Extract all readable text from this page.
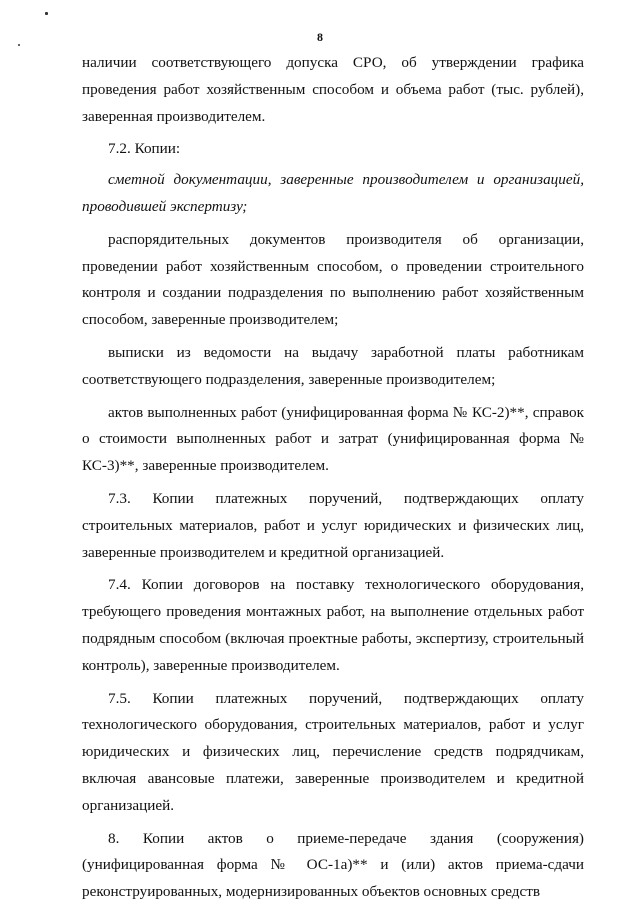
8

наличии соответствующего допуска СРО, об утверждении графика проведения работ хозяйственным способом и объема работ (тыс. рублей), заверенная производителем.

7.2. Копии:

сметной документации, заверенные производителем и организацией, проводившей экспертизу;

распорядительных документов производителя об организации, проведении работ хозяйственным способом, о проведении строительного контроля и создании подразделения по выполнению работ хозяйственным способом, заверенные производителем;

выписки из ведомости на выдачу заработной платы работникам соответствующего подразделения, заверенные производителем;

актов выполненных работ (унифицированная форма № КС-2)**, справок о стоимости выполненных работ и затрат (унифицированная форма № КС-3)**, заверенные производителем.

7.3. Копии платежных поручений, подтверждающих оплату строительных материалов, работ и услуг юридических и физических лиц, заверенные производителем и кредитной организацией.

7.4. Копии договоров на поставку технологического оборудования, требующего проведения монтажных работ, на выполнение отдельных работ подрядным способом (включая проектные работы, экспертизу, строительный контроль), заверенные производителем.

7.5. Копии платежных поручений, подтверждающих оплату технологического оборудования, строительных материалов, работ и услуг юридических и физических лиц, перечисление средств подрядчикам, включая авансовые платежи, заверенные производителем и кредитной организацией.

8. Копии актов о приеме-передаче здания (сооружения) (унифицированная форма № ОС-1а)** и (или) актов приема-сдачи реконструированных, модернизированных объектов основных средств
